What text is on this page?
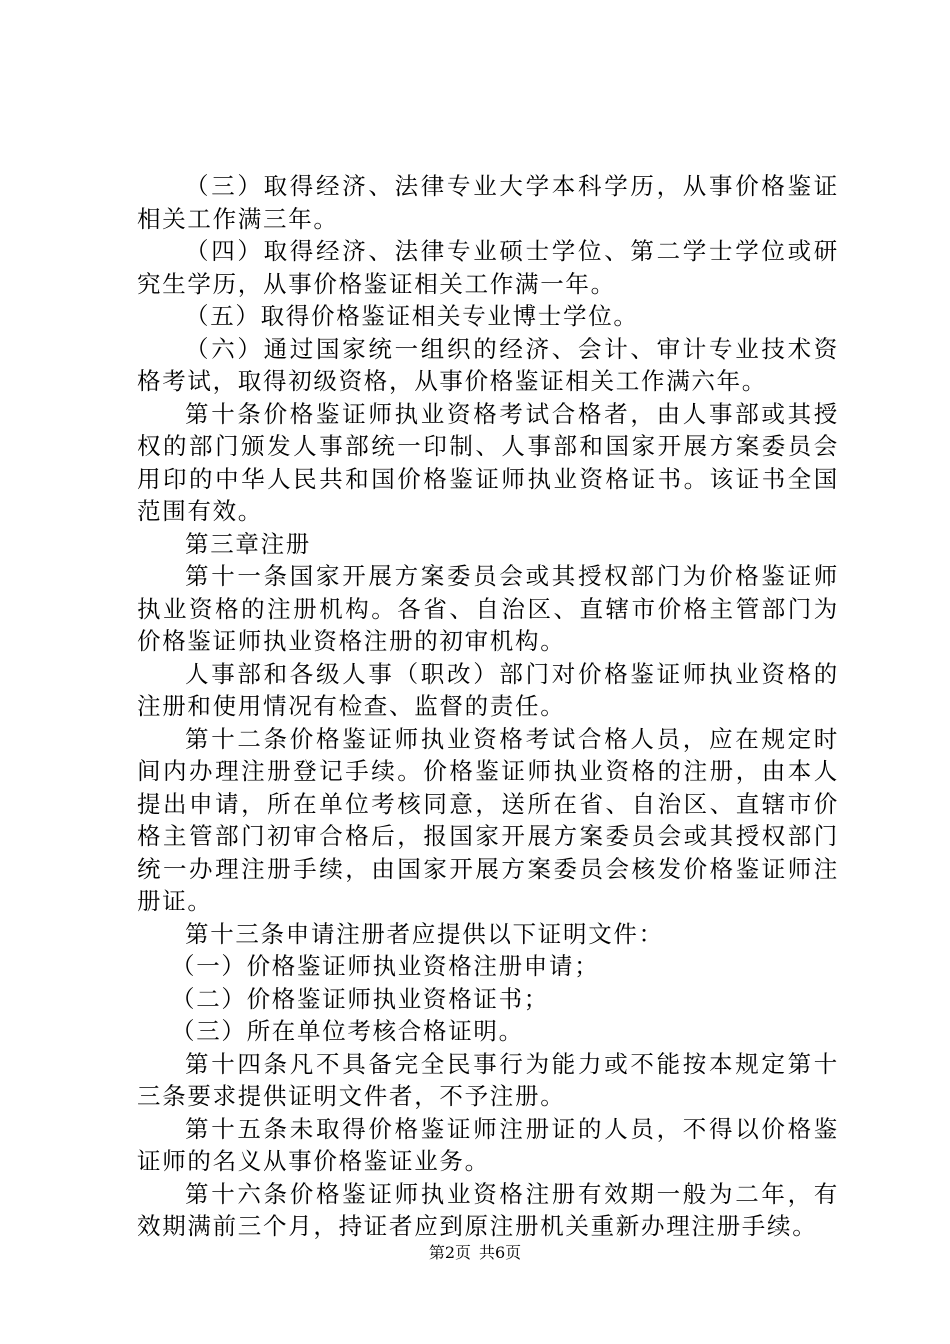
（三）取得经济、法律专业大学本科学历，从事价格鉴证相关工作满三年。

（四）取得经济、法律专业硕士学位、第二学士学位或研究生学历，从事价格鉴证相关工作满一年。

（五）取得价格鉴证相关专业博士学位。

（六）通过国家统一组织的经济、会计、审计专业技术资格考试，取得初级资格，从事价格鉴证相关工作满六年。

第十条价格鉴证师执业资格考试合格者，由人事部或其授权的部门颁发人事部统一印制、人事部和国家开展方案委员会用印的中华人民共和国价格鉴证师执业资格证书。该证书全国范围有效。

第三章注册

第十一条国家开展方案委员会或其授权部门为价格鉴证师执业资格的注册机构。各省、自治区、直辖市价格主管部门为价格鉴证师执业资格注册的初审机构。

人事部和各级人事（职改）部门对价格鉴证师执业资格的注册和使用情况有检查、监督的责任。

第十二条价格鉴证师执业资格考试合格人员，应在规定时间内办理注册登记手续。价格鉴证师执业资格的注册，由本人提出申请，所在单位考核同意，送所在省、自治区、直辖市价格主管部门初审合格后，报国家开展方案委员会或其授权部门统一办理注册手续，由国家开展方案委员会核发价格鉴证师注册证。

第十三条申请注册者应提供以下证明文件：

（一）价格鉴证师执业资格注册申请；

（二）价格鉴证师执业资格证书；

（三）所在单位考核合格证明。

第十四条凡不具备完全民事行为能力或不能按本规定第十三条要求提供证明文件者，不予注册。

第十五条未取得价格鉴证师注册证的人员，不得以价格鉴证师的名义从事价格鉴证业务。

第十六条价格鉴证师执业资格注册有效期一般为二年，有效期满前三个月，持证者应到原注册机关重新办理注册手续。

第2页 共6页
